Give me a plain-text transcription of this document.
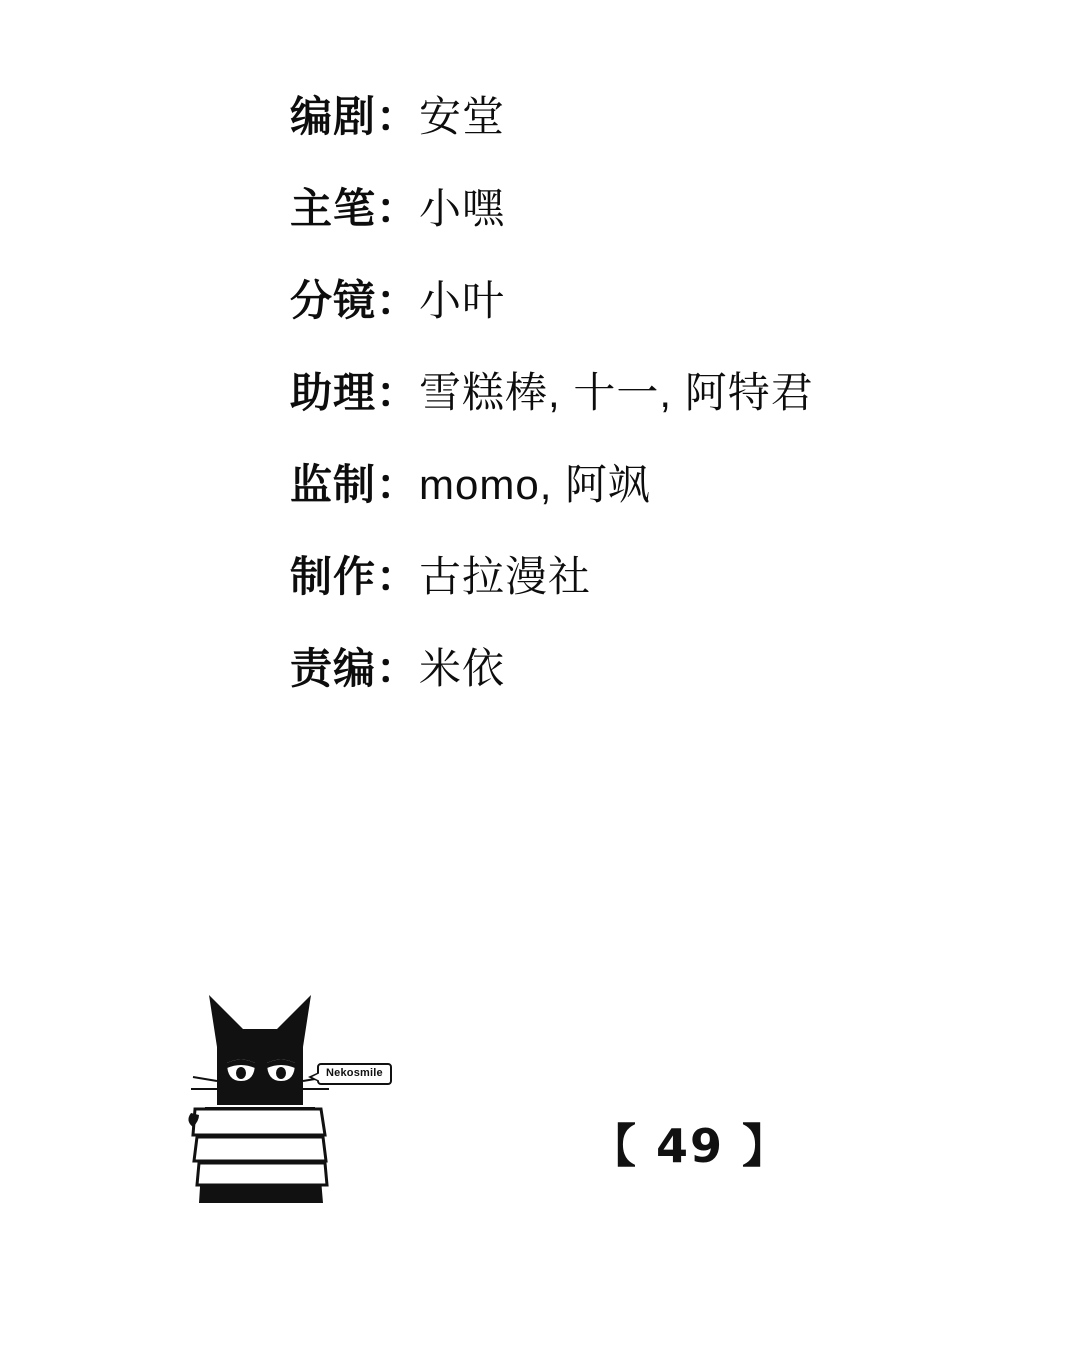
编剧：安堂
主笔：小嘿
分镜：小叶
助理：雪糕棒, 十一, 阿特君
监制：momo, 阿飒
制作：古拉漫社
责编：米依
Nekosmile
【 49 】
